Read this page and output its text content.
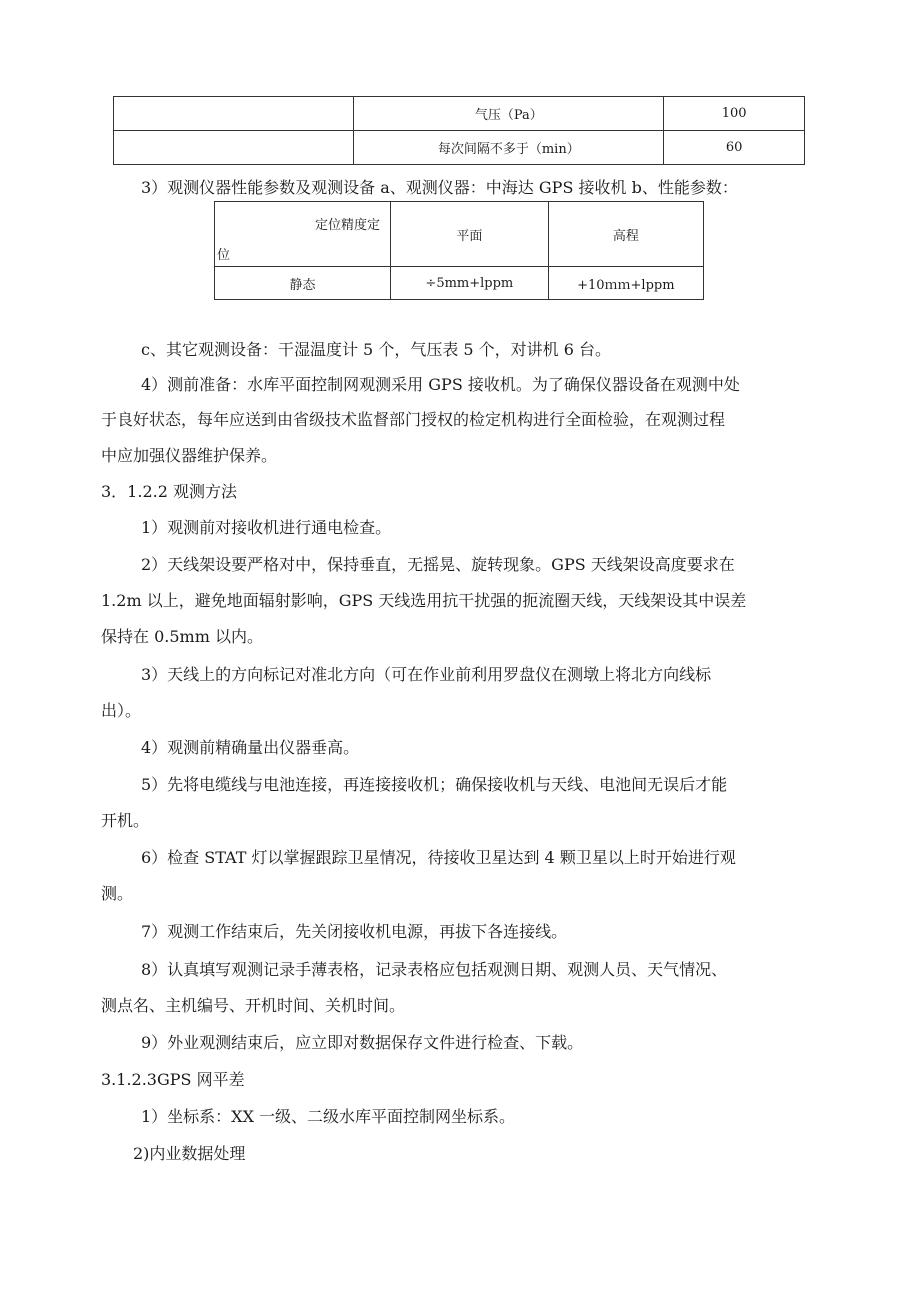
	气压（Pa）	100
	每次间隔不多于（min）	60
3）观测仪器性能参数及观测设备 a、观测仪器：中海达 GPS 接收机 b、性能参数：
定位精度定
位	平面	高程
静态	÷5mm+lppm	+10ｍｍ+lppm
c、其它观测设备：干湿温度计 5 个，气压表 5 个，对讲机 6 台。
4）测前准备：水库平面控制网观测采用 GPS 接收机。为了确保仪器设备在观测中处
于良好状态，每年应送到由省级技术监督部门授权的检定机构进行全面检验，在观测过程
中应加强仪器维护保养。
3．1.2.2 观测方法
1）观测前对接收机进行通电检查。
2）天线架设要严格对中，保持垂直，无摇晃、旋转现象。GPS 天线架设高度要求在
1.2m 以上，避免地面辐射影响，GPS 天线选用抗干扰强的扼流圈天线，天线架设其中误差
保持在 0.5mm 以内。
3）天线上的方向标记对准北方向（可在作业前利用罗盘仪在测墩上将北方向线标
出）。
4）观测前精确量出仪器垂高。
5）先将电缆线与电池连接，再连接接收机；确保接收机与天线、电池间无误后才能
开机。
6）检查 STAT 灯以掌握跟踪卫星情况，待接收卫星达到 4 颗卫星以上时开始进行观
测。
7）观测工作结束后，先关闭接收机电源，再拔下各连接线。
8）认真填写观测记录手薄表格，记录表格应包括观测日期、观测人员、天气情况、
测点名、主机编号、开机时间、关机时间。
9）外业观测结束后，应立即对数据保存文件进行检查、下载。
3.1.2.3GPS 网平差
1）坐标系：XX 一级、二级水库平面控制网坐标系。
2)内业数据处理
